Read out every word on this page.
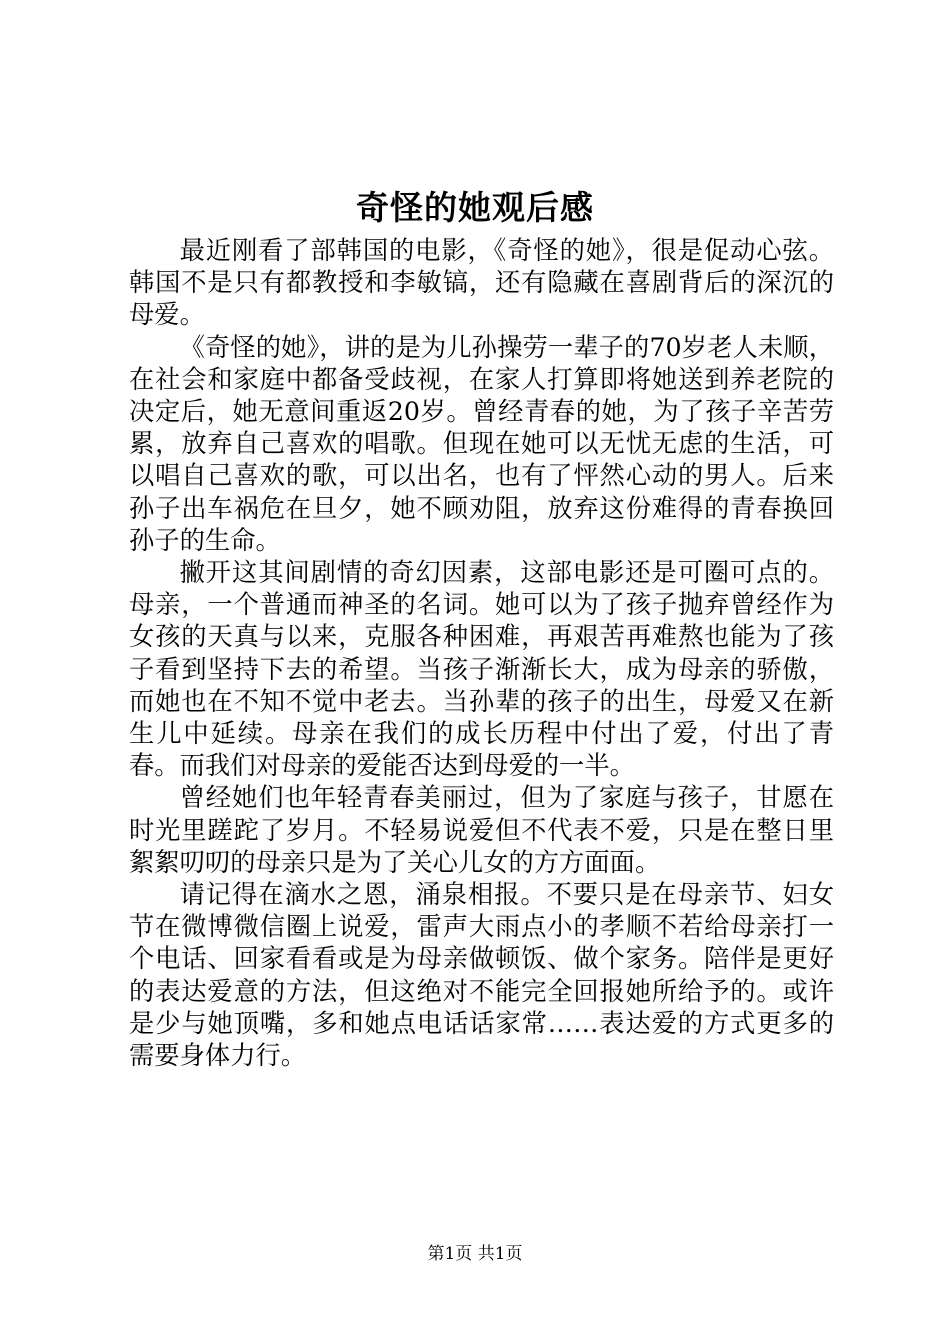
奇怪的她观后感

最近刚看了部韩国的电影，《奇怪的她》，很是促动心弦。韩国不是只有都教授和李敏镐，还有隐藏在喜剧背后的深沉的母爱。

《奇怪的她》，讲的是为儿孙操劳一辈子的70岁老人未顺，在社会和家庭中都备受歧视，在家人打算即将她送到养老院的决定后，她无意间重返20岁。曾经青春的她，为了孩子辛苦劳累，放弃自己喜欢的唱歌。但现在她可以无忧无虑的生活，可以唱自己喜欢的歌，可以出名，也有了怦然心动的男人。后来孙子出车祸危在旦夕，她不顾劝阻，放弃这份难得的青春换回孙子的生命。

撇开这其间剧情的奇幻因素，这部电影还是可圈可点的。母亲，一个普通而神圣的名词。她可以为了孩子抛弃曾经作为女孩的天真与以来，克服各种困难，再艰苦再难熬也能为了孩子看到坚持下去的希望。当孩子渐渐长大，成为母亲的骄傲，而她也在不知不觉中老去。当孙辈的孩子的出生，母爱又在新生儿中延续。母亲在我们的成长历程中付出了爱，付出了青春。而我们对母亲的爱能否达到母爱的一半。

曾经她们也年轻青春美丽过，但为了家庭与孩子，甘愿在时光里蹉跎了岁月。不轻易说爱但不代表不爱，只是在整日里絮絮叨叨的母亲只是为了关心儿女的方方面面。

请记得在滴水之恩，涌泉相报。不要只是在母亲节、妇女节在微博微信圈上说爱，雷声大雨点小的孝顺不若给母亲打一个电话、回家看看或是为母亲做顿饭、做个家务。陪伴是更好的表达爱意的方法，但这绝对不能完全回报她所给予的。或许是少与她顶嘴，多和她点电话话家常……表达爱的方式更多的需要身体力行。

第1页 共1页
